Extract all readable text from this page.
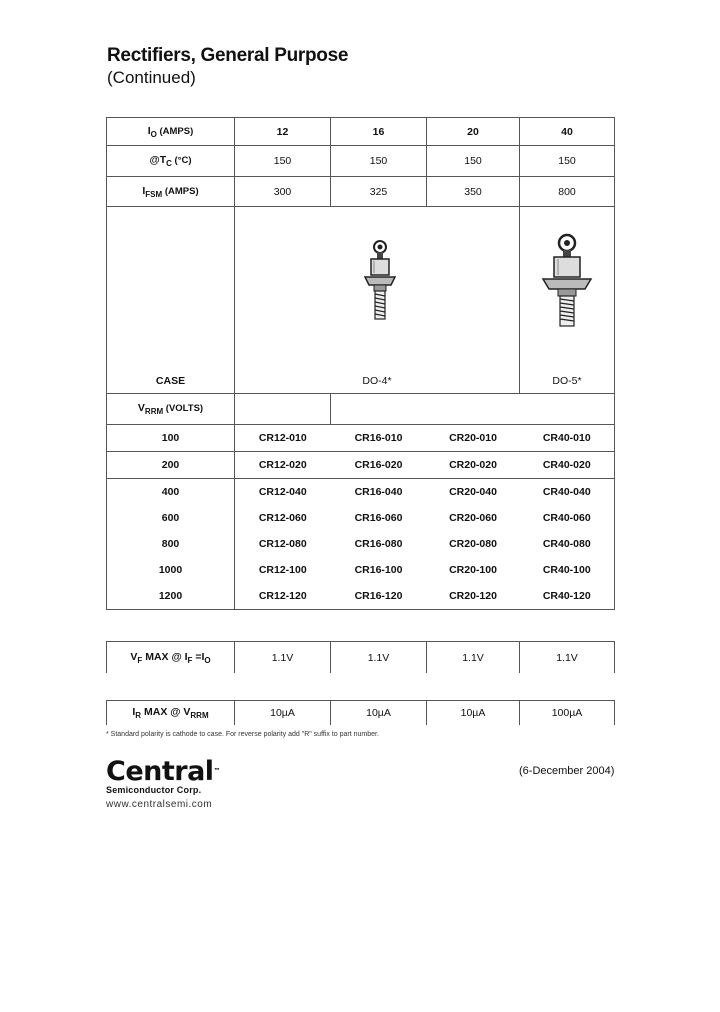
Rectifiers, General Purpose
(Continued)
$I_O$ (AMPS)	12	16	20	40
$@T_C$ (°C)	150	150	150	150
$I_{FSM}$ (AMPS)	300	325	350	800

CASE	DO-4*			DO-5*

$V_{RRM}$ (VOLTS)				
100	CR12-010	CR16-010	CR20-010	CR40-010
200	CR12-020	CR16-020	CR20-020	CR40-020
400	CR12-040	CR16-040	CR20-040	CR40-040
600	CR12-060	CR16-060	CR20-060	CR40-060
800	CR12-080	CR16-080	CR20-080	CR40-080
1000	CR12-100	CR16-100	CR20-100	CR40-100
1200	CR12-120	CR16-120	CR20-120	CR40-120
$V_F$ MAX @ $I_F =I_O$	1.1V	1.1V	1.1V	1.1V
$I_R$ MAX @ $V_{RRM}$	10µA	10µA	10µA	100µA
* Standard polarity is cathode to case. For reverse polarity add "R" suffix to part number.
Central™
Semiconductor Corp.
www.centralsemi.com
(6-December 2004)
